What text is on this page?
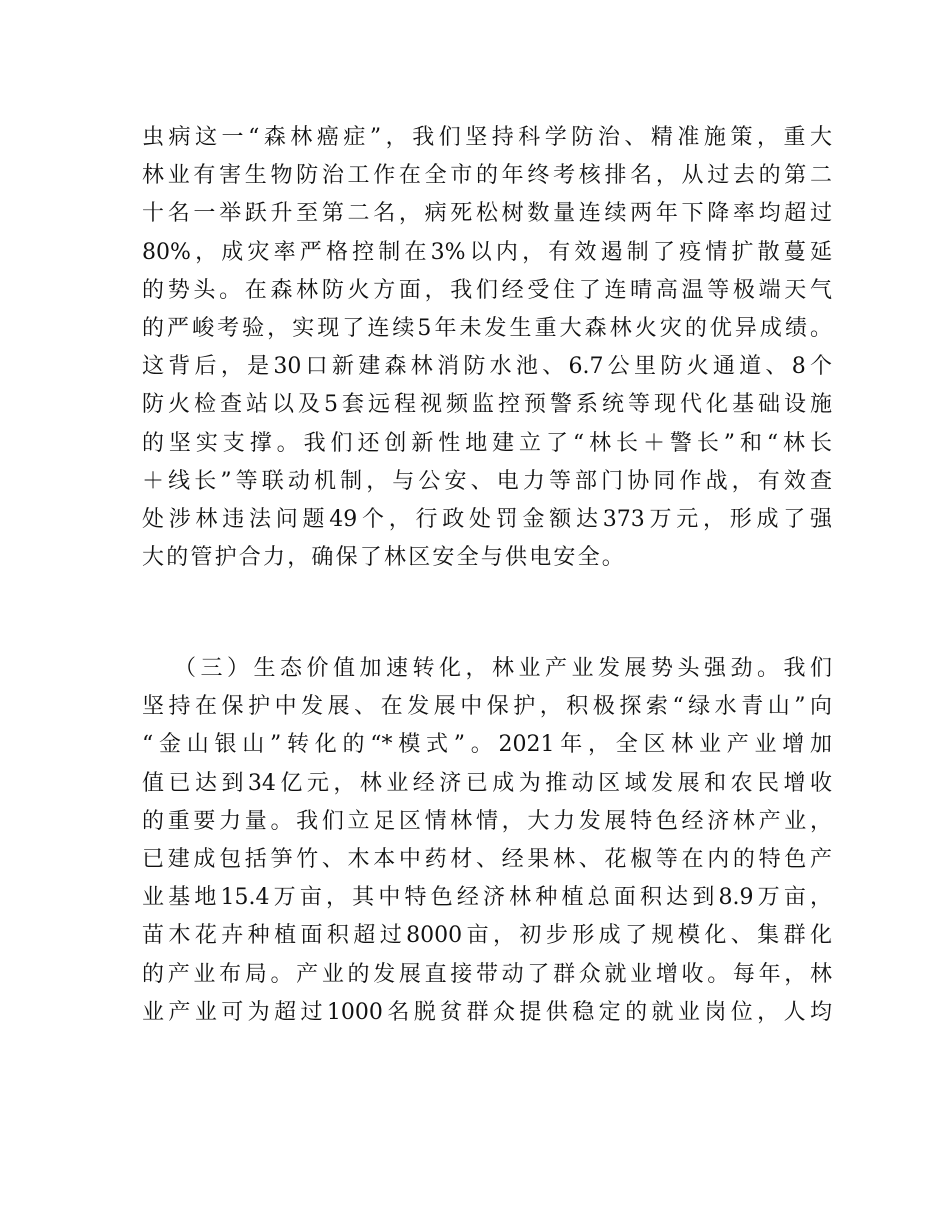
虫病这一“森林癌症”，我们坚持科学防治、精准施策，重大
林业有害生物防治工作在全市的年终考核排名，从过去的第二
十名一举跃升至第二名，病死松树数量连续两年下降率均超过
80%，成灾率严格控制在3%以内，有效遏制了疫情扩散蔓延
的势头。在森林防火方面，我们经受住了连晴高温等极端天气
的严峻考验，实现了连续5年未发生重大森林火灾的优异成绩。
这背后，是30口新建森林消防水池、6.7公里防火通道、8个
防火检查站以及5套远程视频监控预警系统等现代化基础设施
的坚实支撑。我们还创新性地建立了“林长＋警长”和“林长
＋线长”等联动机制，与公安、电力等部门协同作战，有效查
处涉林违法问题49个，行政处罚金额达373万元，形成了强
大的管护合力，确保了林区安全与供电安全。
（三）生态价值加速转化，林业产业发展势头强劲。我们
坚持在保护中发展、在发展中保护，积极探索“绿水青山”向
“金山银山”转化的“*模式”。2021年，全区林业产业增加
值已达到34亿元，林业经济已成为推动区域发展和农民增收
的重要力量。我们立足区情林情，大力发展特色经济林产业，
已建成包括笋竹、木本中药材、经果林、花椒等在内的特色产
业基地15.4万亩，其中特色经济林种植总面积达到8.9万亩，
苗木花卉种植面积超过8000亩，初步形成了规模化、集群化
的产业布局。产业的发展直接带动了群众就业增收。每年，林
业产业可为超过1000名脱贫群众提供稳定的就业岗位，人均
